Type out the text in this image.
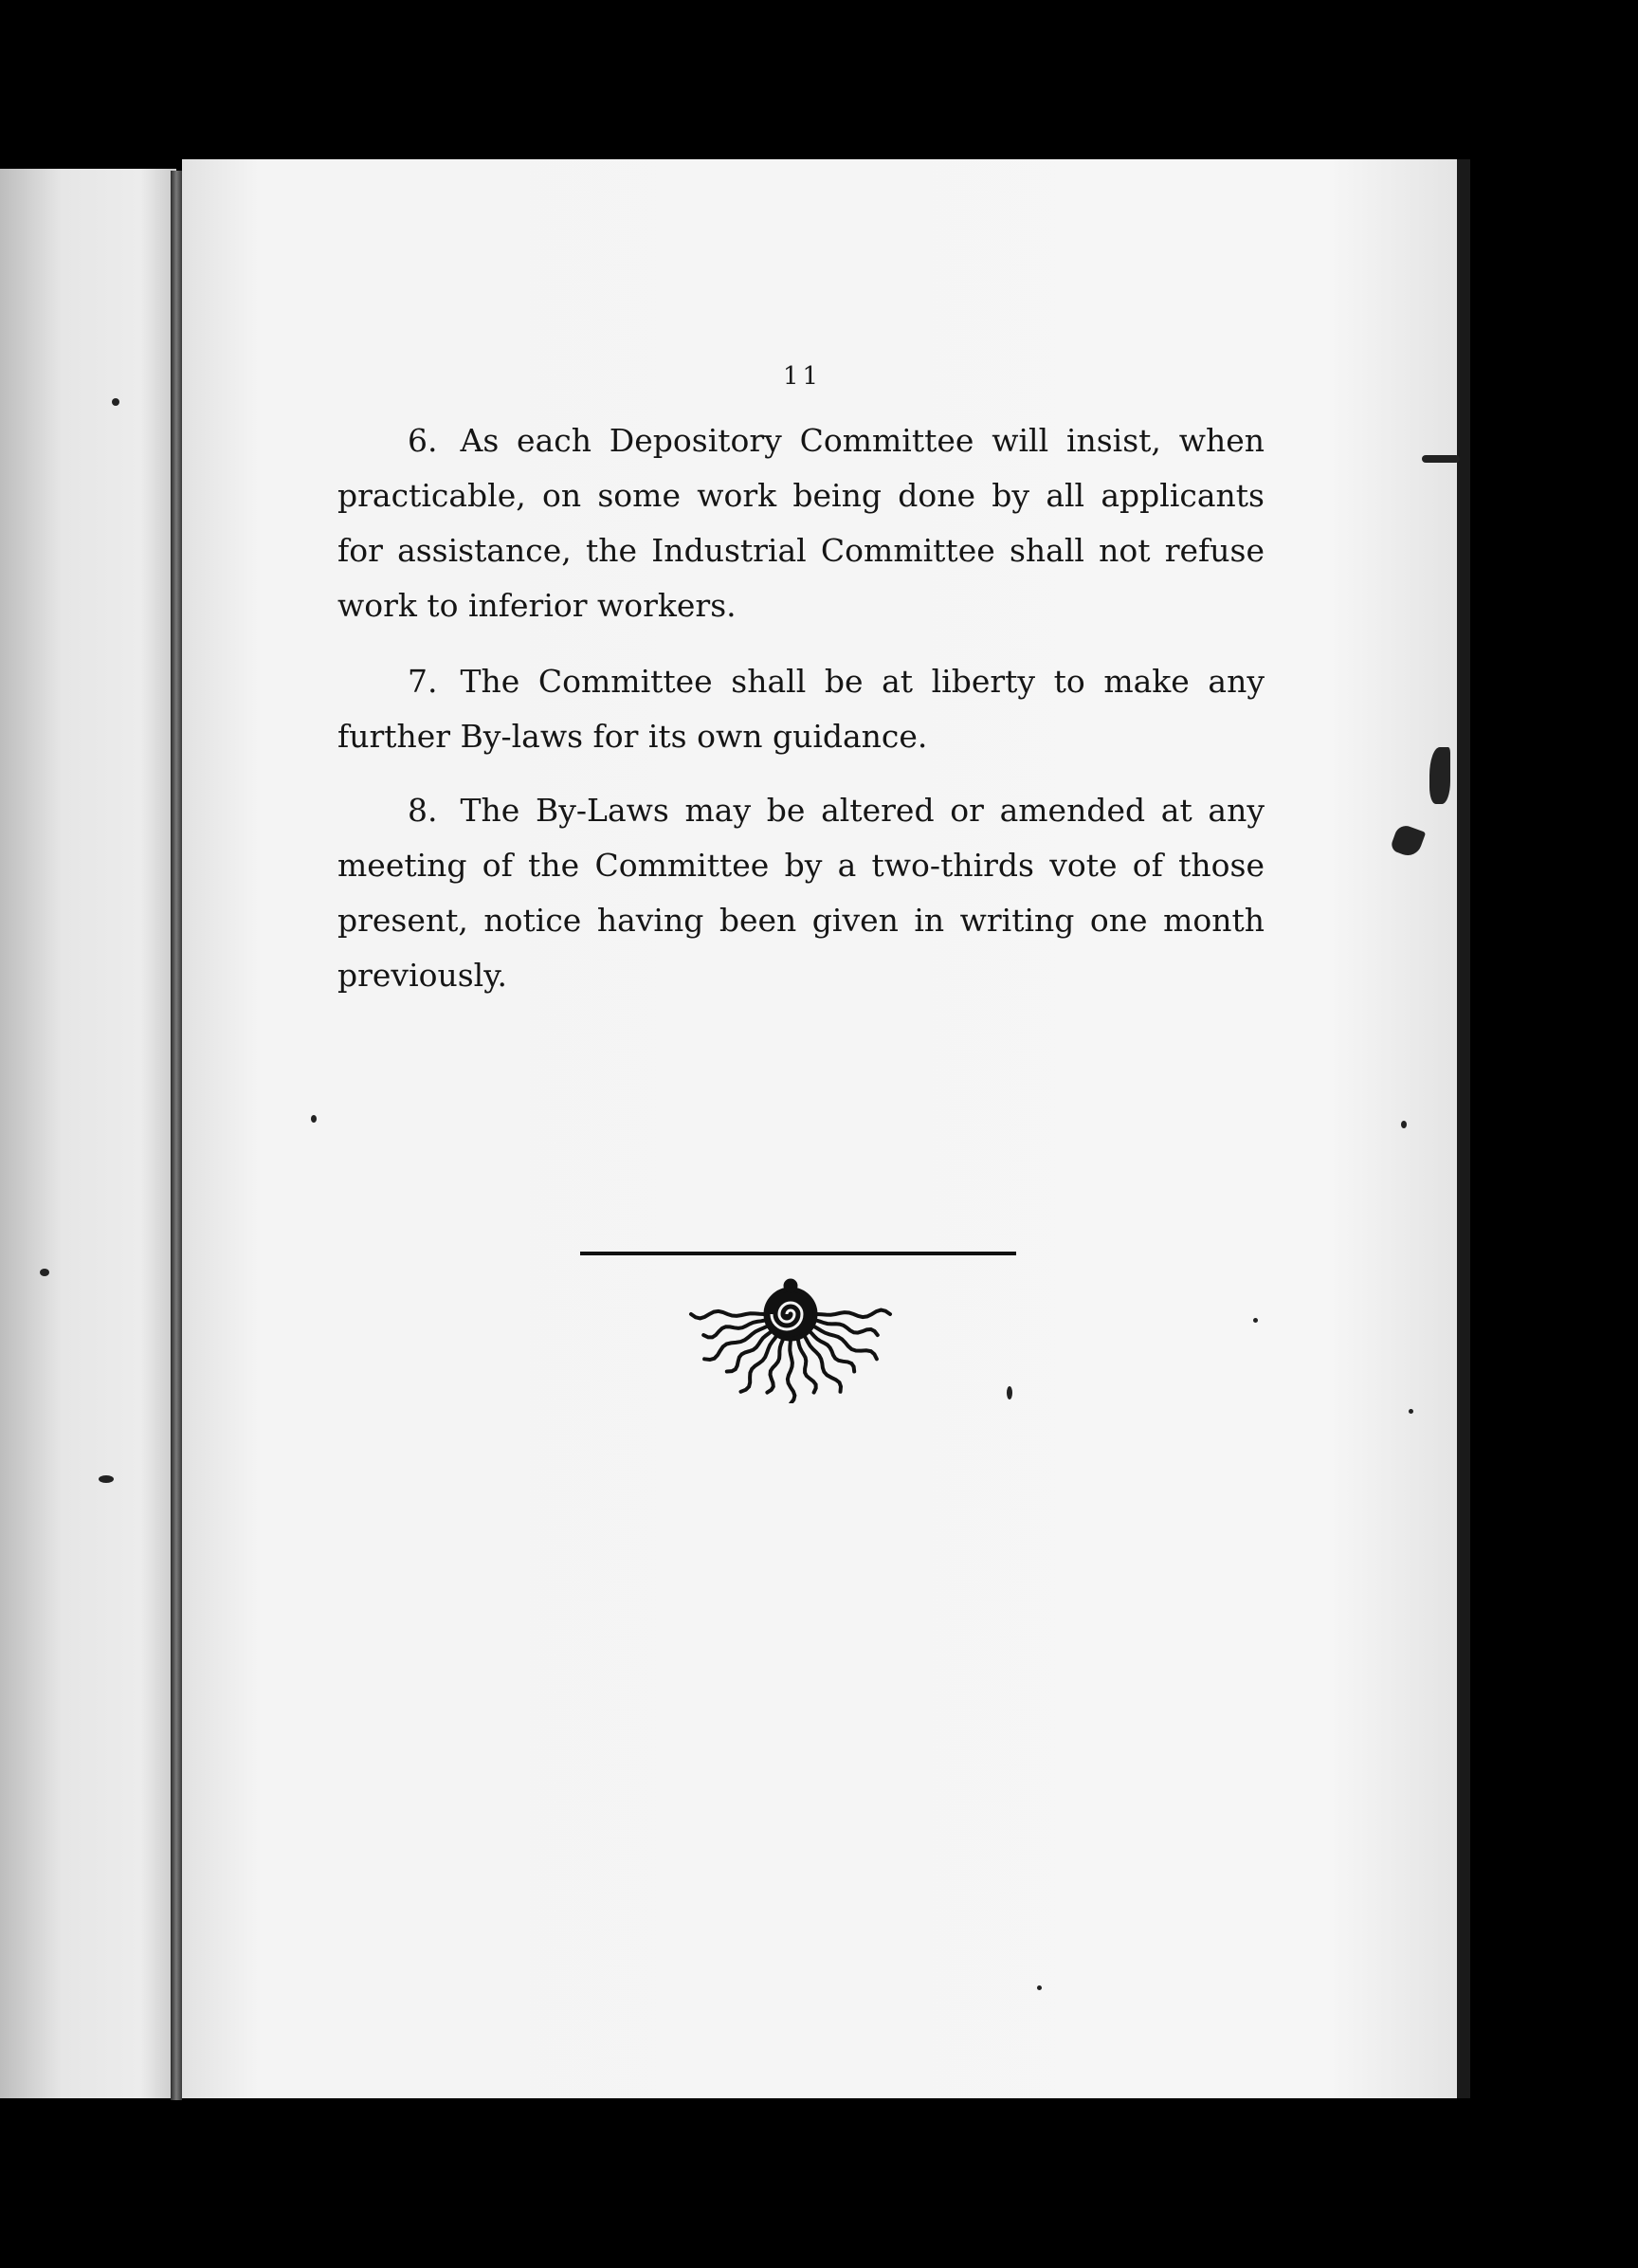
11

6. As each Depository Committee will insist, when practicable, on some work being done by all applicants for assistance, the Industrial Committee shall not refuse work to inferior workers.

7. The Committee shall be at liberty to make any further By-laws for its own guidance.

8. The By-Laws may be altered or amended at any meeting of the Committee by a two-thirds vote of those present, notice having been given in writing one month previously.
